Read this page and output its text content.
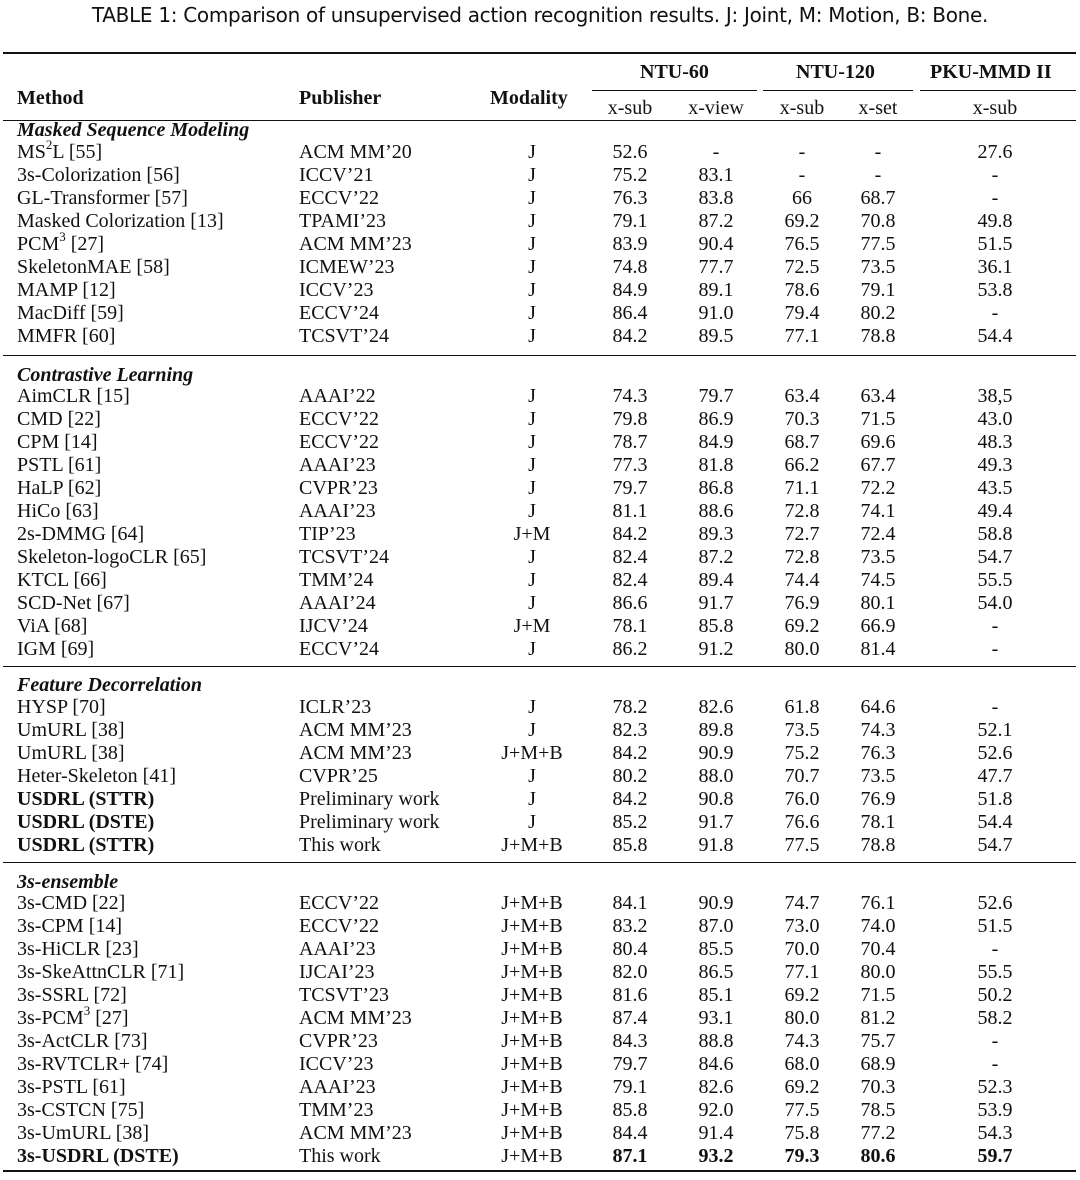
TABLE 1: Comparison of unsupervised action recognition results. J: Joint, M: Motion, B: Bone.
Method	Publisher	Modality
NTU-60	NTU-120	PKU-MMD II
x-sub x-view x-sub x-set	x-sub
Masked Sequence Modeling
$MS^2L$ [55]	ACM MM’20	J	52.6	-	-	-	27.6
3s-Colorization [56]	ICCV’21	J	75.2	83.1	-	-	-
GL-Transformer [57]	ECCV’22	J	76.3	83.8	66 68.7	-
Masked Colorization [13]	TPAMI’23	J	79.1	87.2	69.2 70.8	49.8
PCM$^3$ [27]	ACM MM’23	J	83.9	90.4	76.5 77.5	51.5
SkeletonMAE [58]	ICMEW’23	J	74.8	77.7	72.5 73.5	36.1
MAMP [12]	ICCV’23	J	84.9	89.1	78.6 79.1	53.8
MacDiff [59]	ECCV’24	J	86.4	91.0	79.4 80.2	-
MMFR [60]	TCSVT’24	J	84.2	89.5	77.1 78.8	54.4
Contrastive Learning
AimCLR [15]	AAAI’22	J	74.3	79.7	63.4 63.4	38,5
CMD [22]	ECCV’22	J	79.8	86.9	70.3 71.5	43.0
CPM [14]	ECCV’22	J	78.7	84.9	68.7 69.6	48.3
PSTL [61]	AAAI’23	J	77.3	81.8	66.2 67.7	49.3
HaLP [62]	CVPR’23	J	79.7	86.8	71.1 72.2	43.5
HiCo [63]	AAAI’23	J	81.1	88.6	72.8 74.1	49.4
2s-DMMG [64]	TIP’23	J+M	84.2	89.3	72.7 72.4	58.8
Skeleton-logoCLR [65]	TCSVT’24	J	82.4	87.2	72.8 73.5	54.7
KTCL [66]	TMM’24	J	82.4	89.4	74.4 74.5	55.5
SCD-Net [67]	AAAI’24	J	86.6	91.7	76.9 80.1	54.0
ViA [68]	IJCV’24	J+M	78.1	85.8	69.2 66.9	-
IGM [69]	ECCV’24	J	86.2	91.2	80.0 81.4	-
Feature Decorrelation
HYSP [70]	ICLR’23	J	78.2	82.6	61.8 64.6	-
UmURL [38]	ACM MM’23	J	82.3	89.8	73.5 74.3	52.1
UmURL [38]	ACM MM’23	J+M+B 84.2	90.9	75.2 76.3	52.6
Heter-Skeleton [41]	CVPR’25	J	80.2	88.0	70.7 73.5	47.7
USDRL (STTR)	Preliminary work	J	84.2	90.8	76.0 76.9	51.8
USDRL (DSTE)	Preliminary work	J	85.2	91.7	76.6 78.1	54.4
USDRL (STTR)	This work	J+M+B 85.8	91.8	77.5 78.8	54.7
3s-ensemble
3s-CMD [22]	ECCV’22	J+M+B 84.1	90.9	74.7 76.1	52.6
3s-CPM [14]	ECCV’22	J+M+B 83.2	87.0	73.0 74.0	51.5
3s-HiCLR [23]	AAAI’23	J+M+B 80.4	85.5	70.0 70.4	-
3s-SkeAttnCLR [71]	IJCAI’23	J+M+B 82.0	86.5	77.1 80.0	55.5
3s-SSRL [72]	TCSVT’23	J+M+B 81.6	85.1	69.2 71.5	50.2
3s-PCM$^3$ [27]	ACM MM’23	J+M+B 87.4	93.1	80.0 81.2	58.2
3s-ActCLR [73]	CVPR’23	J+M+B 84.3	88.8	74.3 75.7	-
3s-RVTCLR+ [74]	ICCV’23	J+M+B 79.7	84.6	68.0 68.9	-
3s-PSTL [61]	AAAI’23	J+M+B 79.1	82.6	69.2 70.3	52.3
3s-CSTCN [75]	TMM’23	J+M+B 85.8	92.0	77.5 78.5	53.9
3s-UmURL [38]	ACM MM’23	J+M+B 84.4	91.4	75.8 77.2	54.3
3s-USDRL (DSTE)	This work	J+M+B 87.1	93.2	79.3 80.6	59.7
